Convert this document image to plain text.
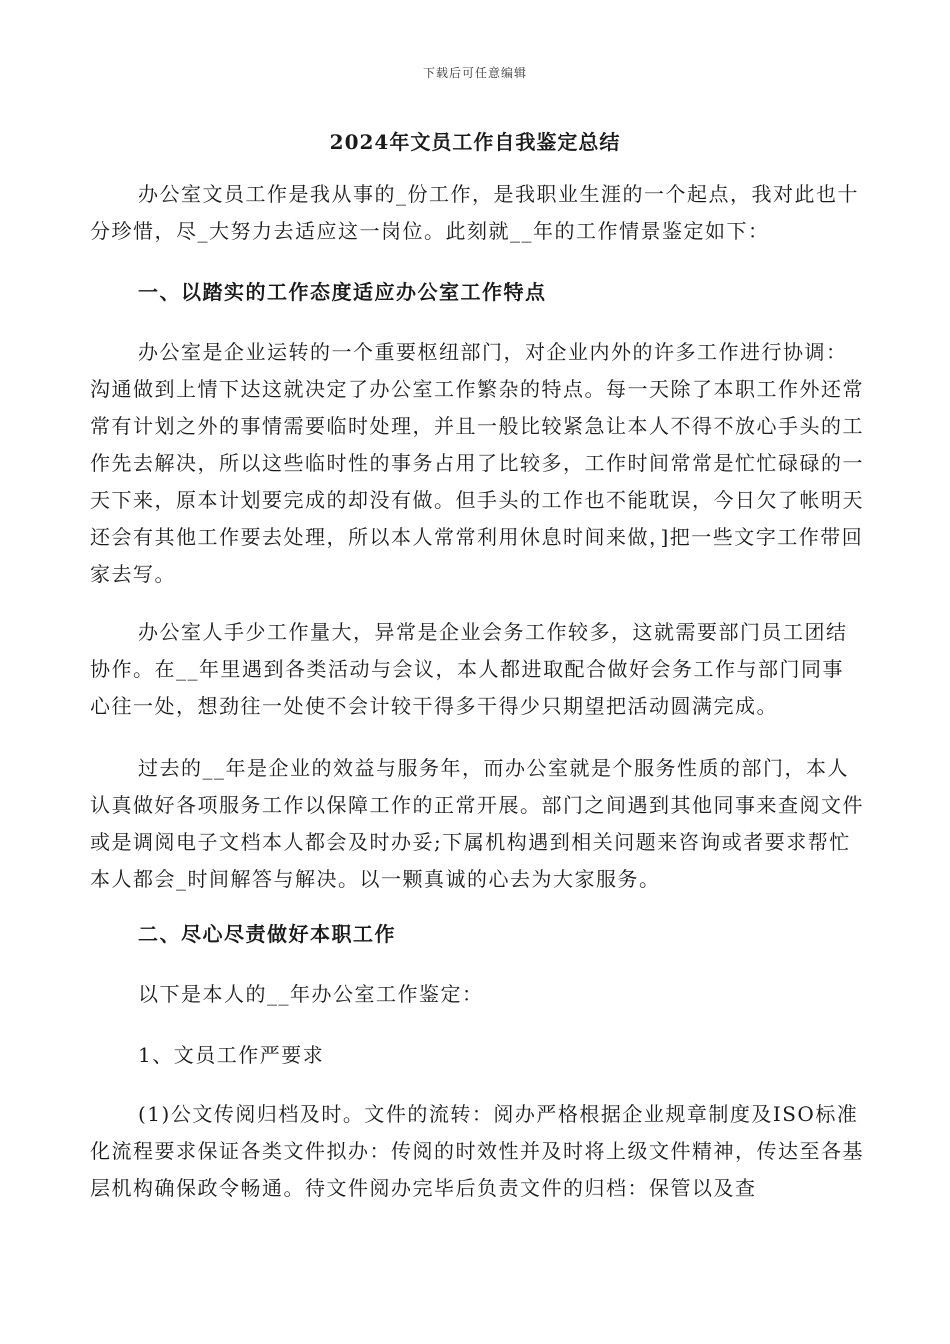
下载后可任意编辑
2024年文员工作自我鉴定总结

办公室文员工作是我从事的_份工作，是我职业生涯的一个起点，我对此也十分珍惜，尽_大努力去适应这一岗位。此刻就__年的工作情景鉴定如下：

一、以踏实的工作态度适应办公室工作特点

办公室是企业运转的一个重要枢纽部门，对企业内外的许多工作进行协调：沟通做到上情下达这就决定了办公室工作繁杂的特点。每一天除了本职工作外还常常有计划之外的事情需要临时处理，并且一般比较紧急让本人不得不放心手头的工作先去解决，所以这些临时性的事务占用了比较多，工作时间常常是忙忙碌碌的一天下来，原本计划要完成的却没有做。但手头的工作也不能耽误，今日欠了帐明天还会有其他工作要去处理，所以本人常常利用休息时间来做，]把一些文字工作带回家去写。

办公室人手少工作量大，异常是企业会务工作较多，这就需要部门员工团结协作。在__年里遇到各类活动与会议，本人都进取配合做好会务工作与部门同事心往一处，想劲往一处使不会计较干得多干得少只期望把活动圆满完成。

过去的__年是企业的效益与服务年，而办公室就是个服务性质的部门，本人认真做好各项服务工作以保障工作的正常开展。部门之间遇到其他同事来查阅文件或是调阅电子文档本人都会及时办妥;下属机构遇到相关问题来咨询或者要求帮忙本人都会_时间解答与解决。以一颗真诚的心去为大家服务。

二、尽心尽责做好本职工作

以下是本人的__年办公室工作鉴定：

1、文员工作严要求

(1)公文传阅归档及时。文件的流转：阅办严格根据企业规章制度及ISO标准化流程要求保证各类文件拟办：传阅的时效性并及时将上级文件精神，传达至各基层机构确保政令畅通。待文件阅办完毕后负责文件的归档：保管以及查
